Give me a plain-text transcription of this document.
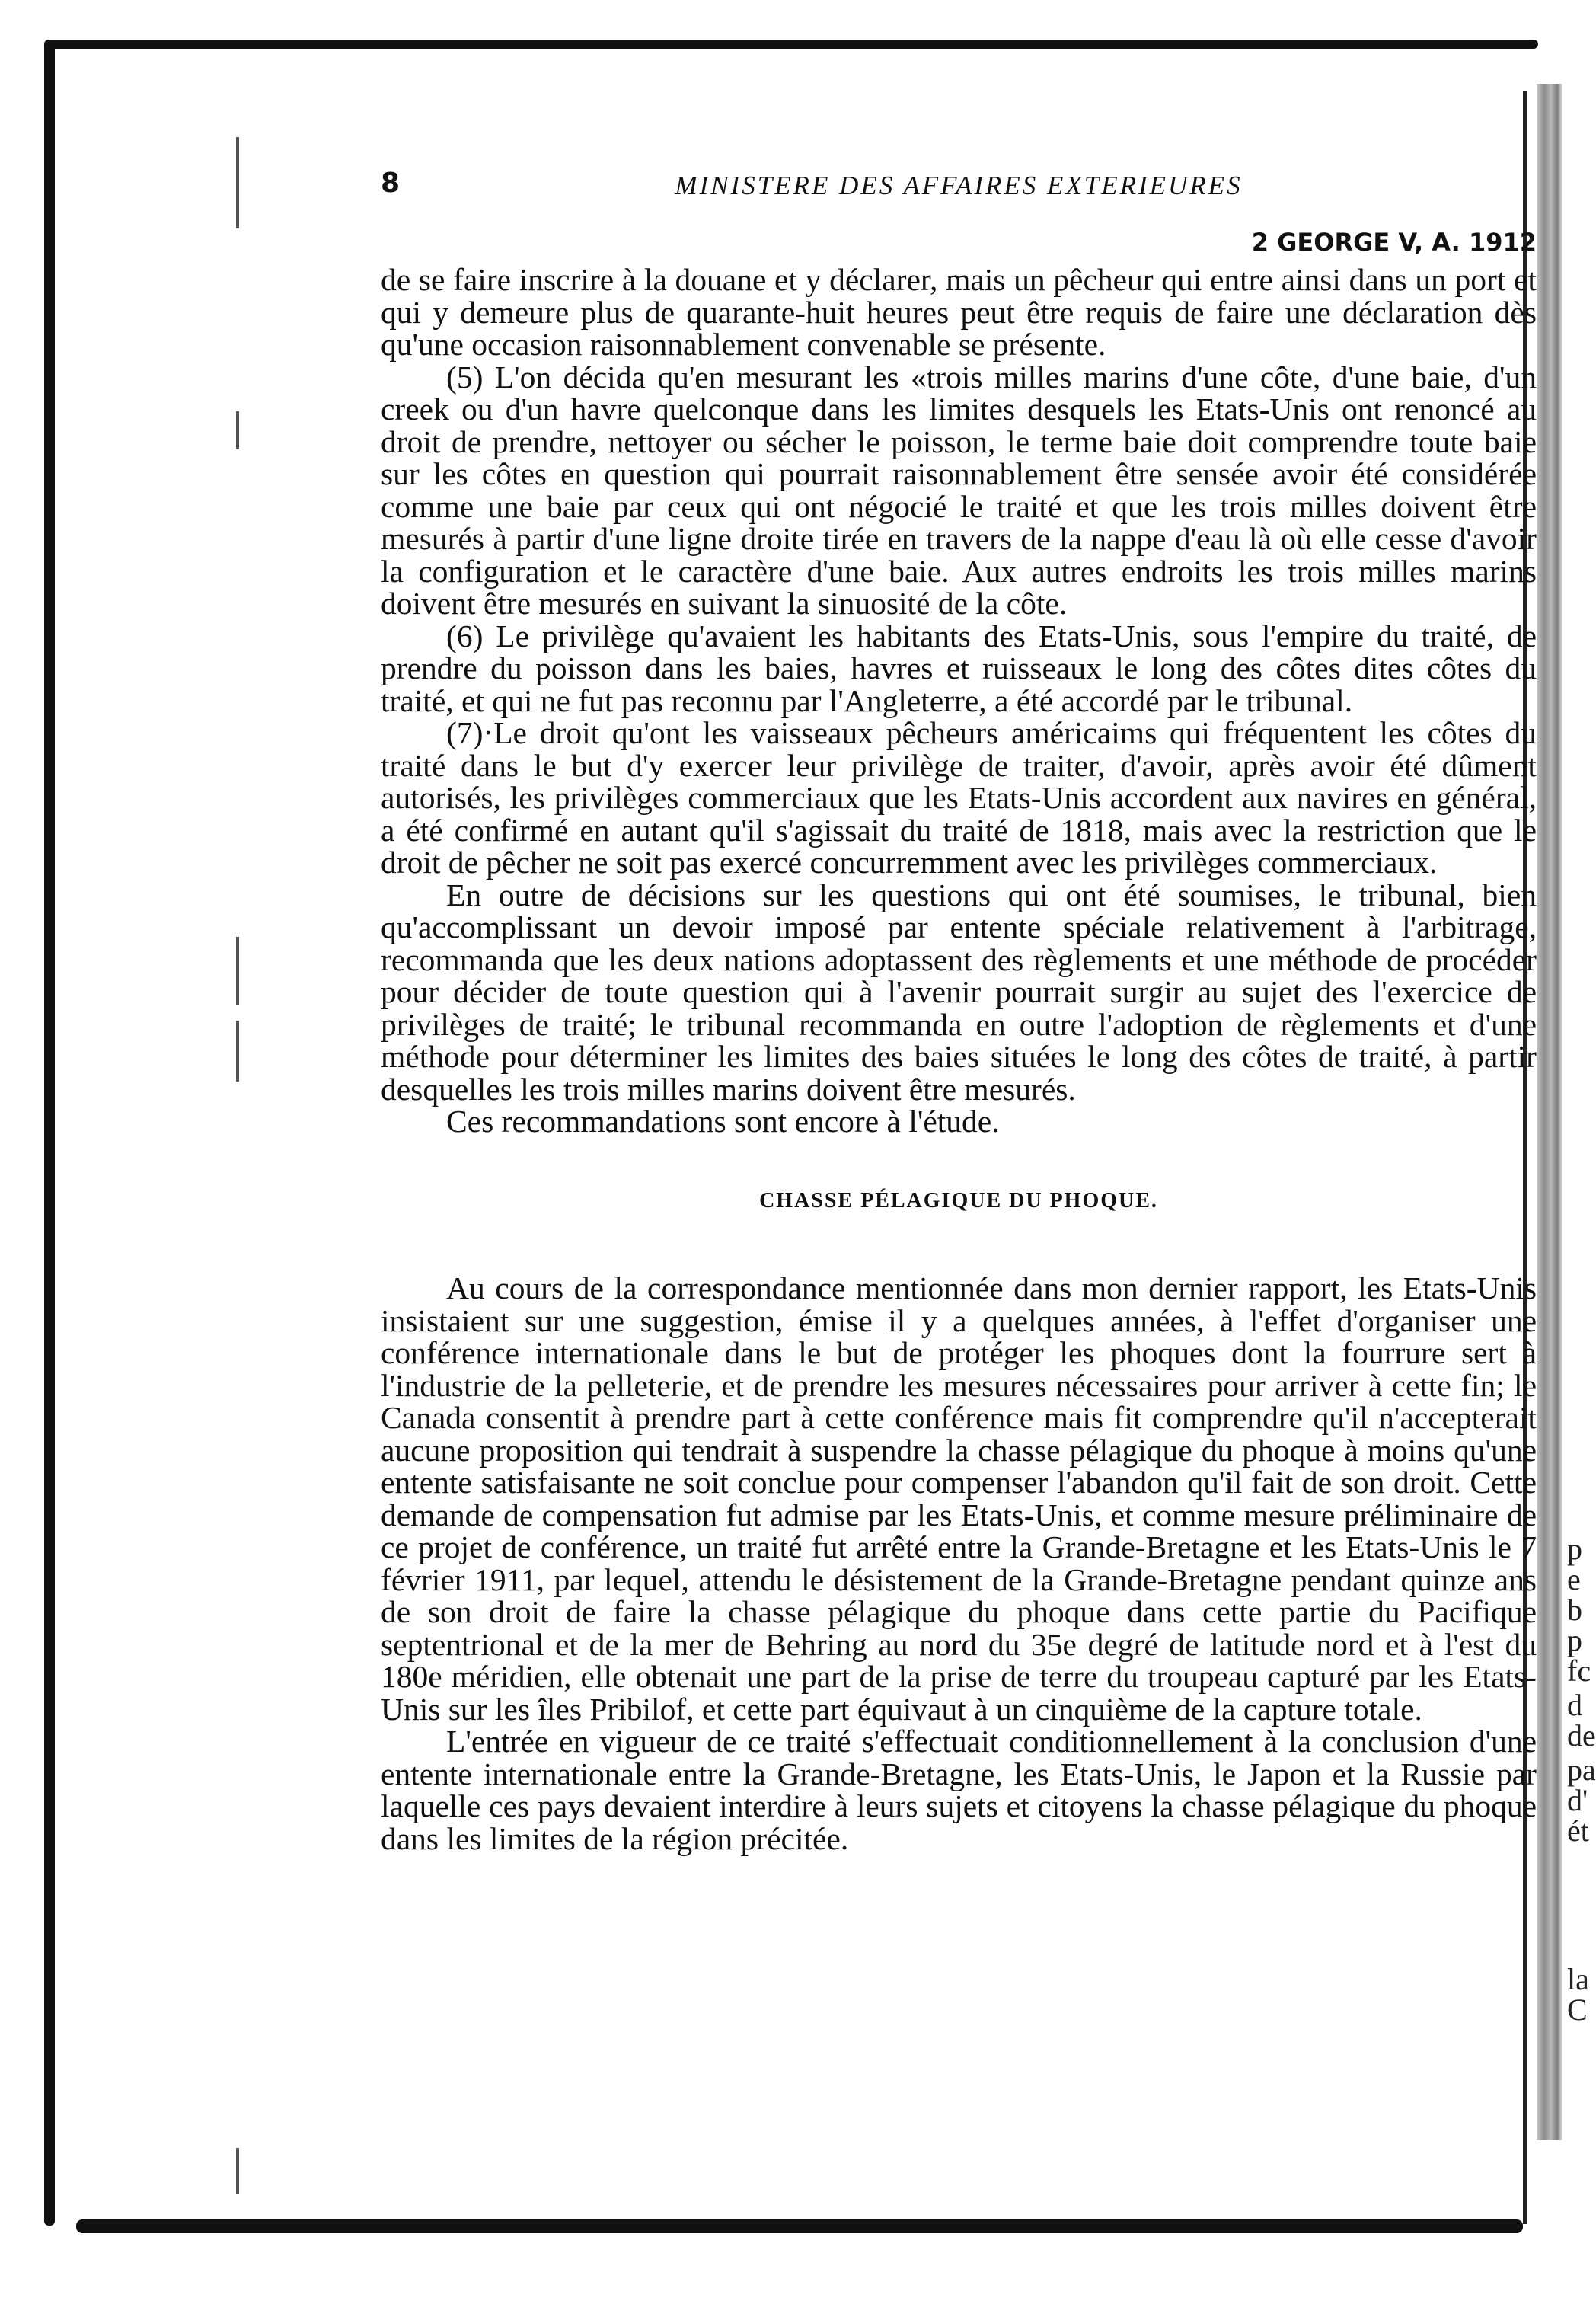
p
e
b
p
fc
d
de
pa
d'
ét
la
C
8	MINISTERE DES AFFAIRES EXTERIEURES
2 GEORGE V, A. 1912

de se faire inscrire à la douane et y déclarer, mais un pêcheur qui entre ainsi dans un port et qui y demeure plus de quarante-huit heures peut être requis de faire une déclaration dès qu'une occasion raisonnablement convenable se présente.

(5) L'on décida qu'en mesurant les «trois milles marins d'une côte, d'une baie, d'un creek ou d'un havre quelconque dans les limites desquels les Etats-Unis ont renoncé au droit de prendre, nettoyer ou sécher le poisson, le terme baie doit comprendre toute baie sur les côtes en question qui pourrait raisonnablement être sensée avoir été considérée comme une baie par ceux qui ont négocié le traité et que les trois milles doivent être mesurés à partir d'une ligne droite tirée en travers de la nappe d'eau là où elle cesse d'avoir la configuration et le caractère d'une baie. Aux autres endroits les trois milles marins doivent être mesurés en suivant la sinuosité de la côte.

(6) Le privilège qu'avaient les habitants des Etats-Unis, sous l'empire du traité, de prendre du poisson dans les baies, havres et ruisseaux le long des côtes dites côtes du traité, et qui ne fut pas reconnu par l'Angleterre, a été accordé par le tribunal.

(7)·Le droit qu'ont les vaisseaux pêcheurs américaims qui fréquentent les côtes du traité dans le but d'y exercer leur privilège de traiter, d'avoir, après avoir été dûment autorisés, les privilèges commerciaux que les Etats-Unis accordent aux navires en général, a été confirmé en autant qu'il s'agissait du traité de 1818, mais avec la restriction que le droit de pêcher ne soit pas exercé concurremment avec les privilèges commerciaux.

En outre de décisions sur les questions qui ont été soumises, le tribunal, bien qu'accomplissant un devoir imposé par entente spéciale relativement à l'arbitrage, recommanda que les deux nations adoptassent des règlements et une méthode de procéder pour décider de toute question qui à l'avenir pourrait surgir au sujet des l'exercice de privilèges de traité; le tribunal recommanda en outre l'adoption de règlements et d'une méthode pour déterminer les limites des baies situées le long des côtes de traité, à partir desquelles les trois milles marins doivent être mesurés.

Ces recommandations sont encore à l'étude.

CHASSE PÉLAGIQUE DU PHOQUE.

Au cours de la correspondance mentionnée dans mon dernier rapport, les Etats-Unis insistaient sur une suggestion, émise il y a quelques années, à l'effet d'organiser une conférence internationale dans le but de protéger les phoques dont la fourrure sert à l'industrie de la pelleterie, et de prendre les mesures nécessaires pour arriver à cette fin; le Canada consentit à prendre part à cette conférence mais fit comprendre qu'il n'accepterait aucune proposition qui tendrait à suspendre la chasse pélagique du phoque à moins qu'une entente satisfaisante ne soit conclue pour compenser l'abandon qu'il fait de son droit. Cette demande de compensation fut admise par les Etats-Unis, et comme mesure préliminaire de ce projet de conférence, un traité fut arrêté entre la Grande-Bretagne et les Etats-Unis le 7 février 1911, par lequel, attendu le désistement de la Grande-Bretagne pendant quinze ans de son droit de faire la chasse pélagique du phoque dans cette partie du Pacifique septentrional et de la mer de Behring au nord du 35e degré de latitude nord et à l'est du 180e méridien, elle obtenait une part de la prise de terre du troupeau capturé par les Etats-Unis sur les îles Pribilof, et cette part équivaut à un cinquième de la capture totale.

L'entrée en vigueur de ce traité s'effectuait conditionnellement à la conclusion d'une entente internationale entre la Grande-Bretagne, les Etats-Unis, le Japon et la Russie par laquelle ces pays devaient interdire à leurs sujets et citoyens la chasse pélagique du phoque dans les limites de la région précitée.
